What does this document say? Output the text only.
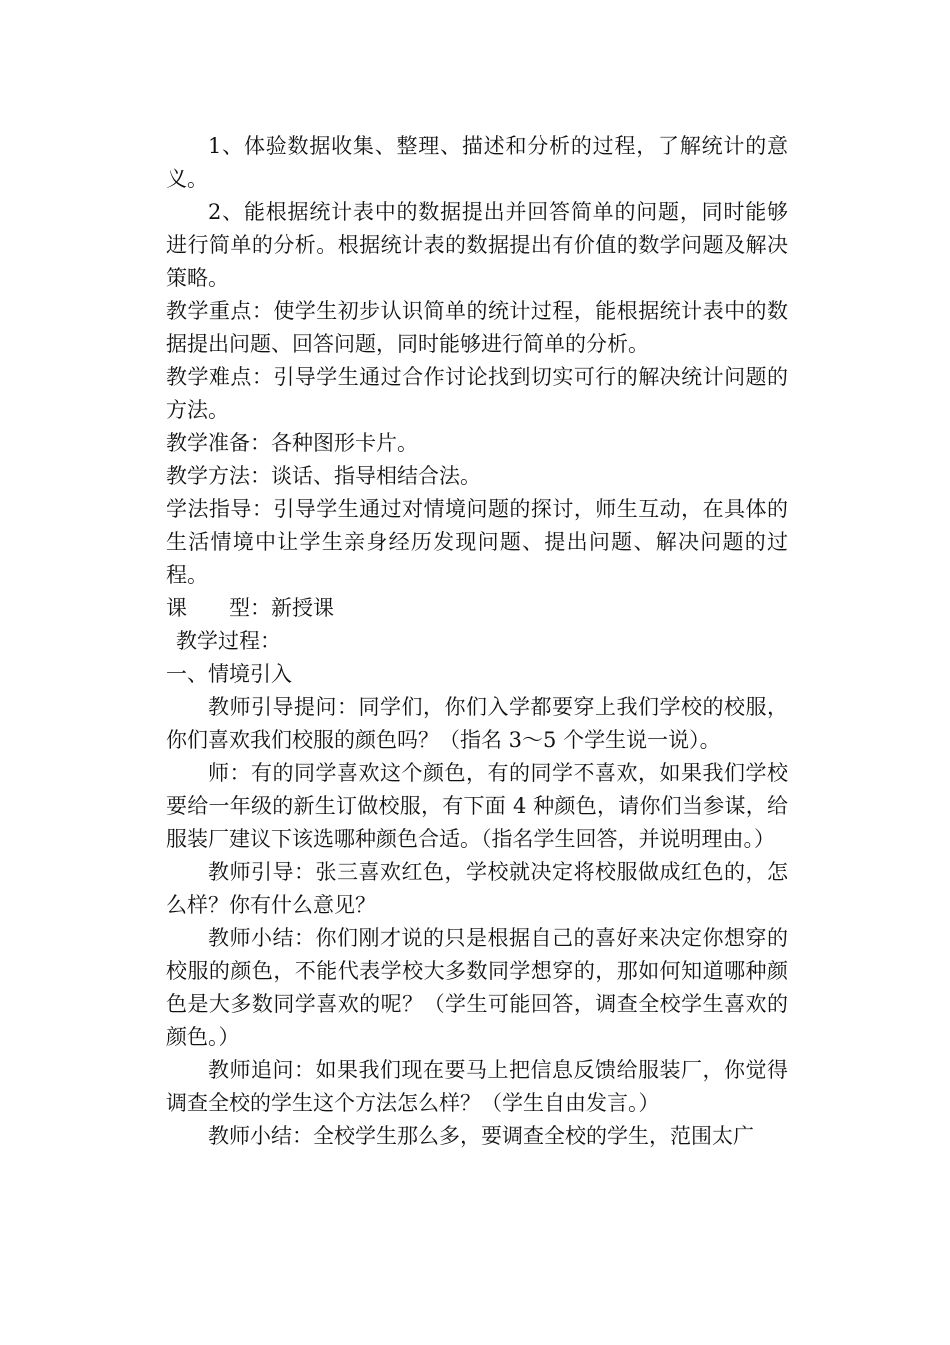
1、体验数据收集、整理、描述和分析的过程，了解统计的意义。

2、能根据统计表中的数据提出并回答简单的问题，同时能够进行简单的分析。根据统计表的数据提出有价值的数学问题及解决策略。

教学重点：使学生初步认识简单的统计过程，能根据统计表中的数据提出问题、回答问题，同时能够进行简单的分析。

教学难点：引导学生通过合作讨论找到切实可行的解决统计问题的方法。

教学准备：各种图形卡片。

教学方法：谈话、指导相结合法。

学法指导：引导学生通过对情境问题的探讨，师生互动，在具体的生活情境中让学生亲身经历发现问题、提出问题、解决问题的过程。

课 型：新授课

教学过程：

一、情境引入

教师引导提问：同学们，你们入学都要穿上我们学校的校服，你们喜欢我们校服的颜色吗？（指名 3～5 个学生说一说）。

师：有的同学喜欢这个颜色，有的同学不喜欢，如果我们学校要给一年级的新生订做校服，有下面 4 种颜色，请你们当参谋，给服装厂建议下该选哪种颜色合适。（指名学生回答，并说明理由。）

教师引导：张三喜欢红色，学校就决定将校服做成红色的，怎么样？你有什么意见？

教师小结：你们刚才说的只是根据自己的喜好来决定你想穿的校服的颜色，不能代表学校大多数同学想穿的，那如何知道哪种颜色是大多数同学喜欢的呢？（学生可能回答，调查全校学生喜欢的颜色。）

教师追问：如果我们现在要马上把信息反馈给服装厂，你觉得调查全校的学生这个方法怎么样？（学生自由发言。）

教师小结：全校学生那么多，要调查全校的学生，范围太广
